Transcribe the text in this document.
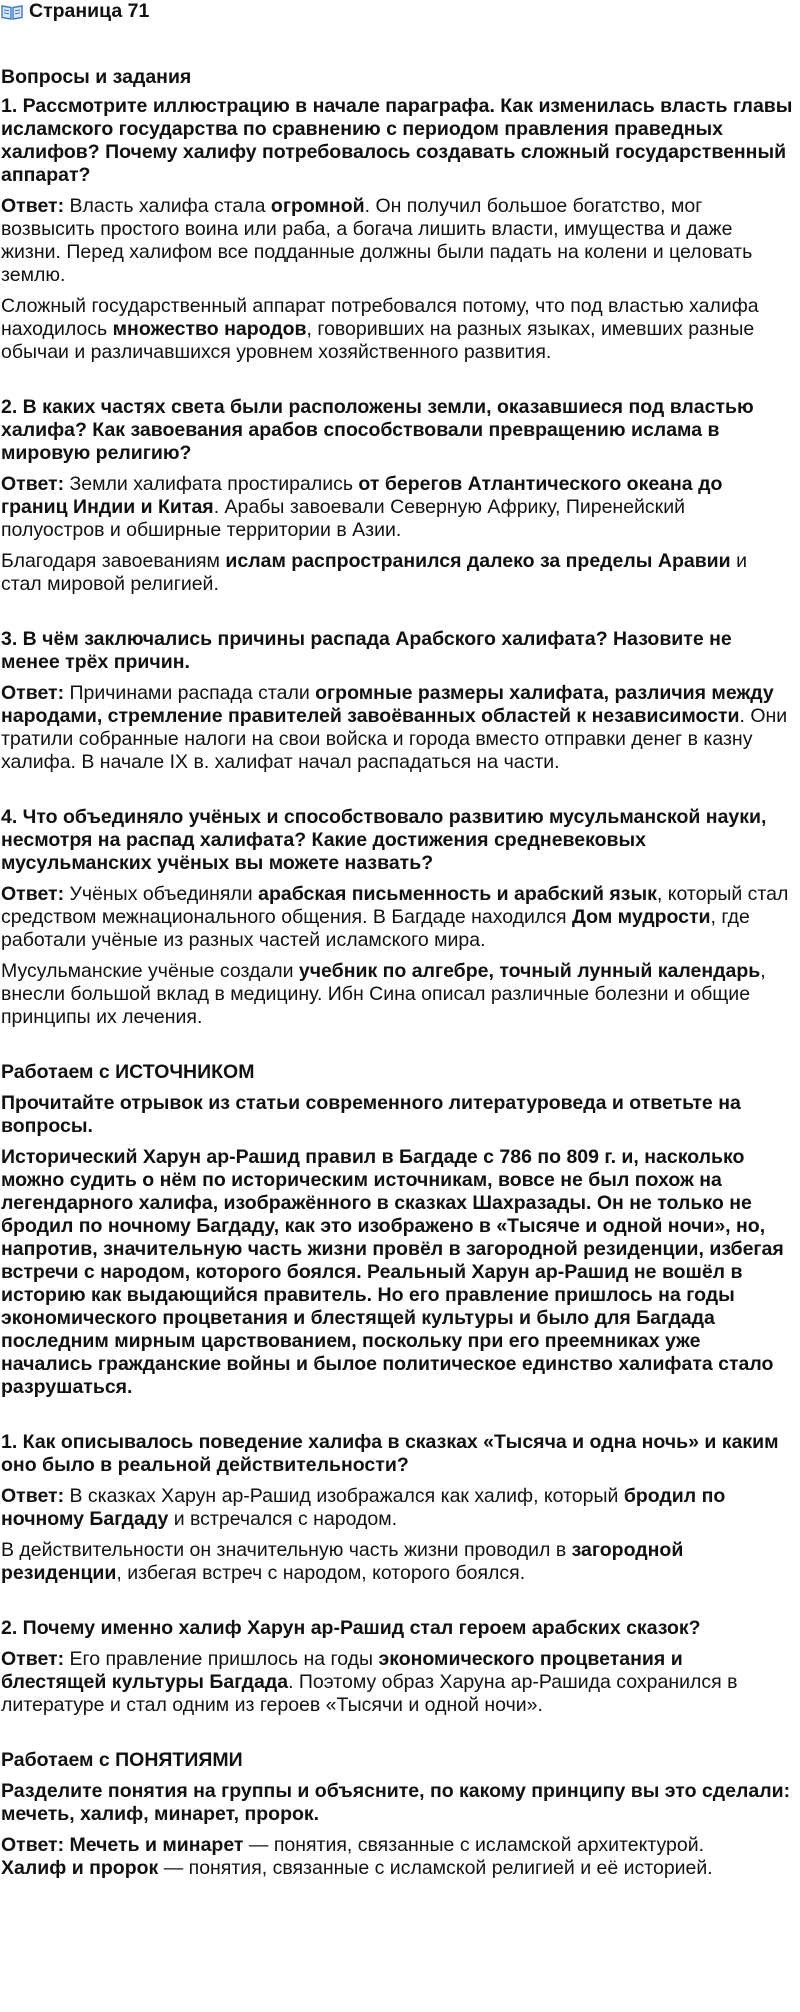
Страница 71

Вопросы и задания

1. Рассмотрите иллюстрацию в начале параграфа. Как изменилась власть главы исламского государства по сравнению с периодом правления праведных халифов? Почему халифу потребовалось создавать сложный государственный аппарат?

Ответ: Власть халифа стала огромной. Он получил большое богатство, мог возвысить простого воина или раба, а богача лишить власти, имущества и даже жизни. Перед халифом все подданные должны были падать на колени и целовать землю.

Сложный государственный аппарат потребовался потому, что под властью халифа находилось множество народов, говоривших на разных языках, имевших разные обычаи и различавшихся уровнем хозяйственного развития.

2. В каких частях света были расположены земли, оказавшиеся под властью халифа? Как завоевания арабов способствовали превращению ислама в мировую религию?

Ответ: Земли халифата простирались от берегов Атлантического океана до границ Индии и Китая. Арабы завоевали Северную Африку, Пиренейский полуостров и обширные территории в Азии.

Благодаря завоеваниям ислам распространился далеко за пределы Аравии и стал мировой религией.

3. В чём заключались причины распада Арабского халифата? Назовите не менее трёх причин.

Ответ: Причинами распада стали огромные размеры халифата, различия между народами, стремление правителей завоёванных областей к независимости. Они тратили собранные налоги на свои войска и города вместо отправки денег в казну халифа. В начале IX в. халифат начал распадаться на части.

4. Что объединяло учёных и способствовало развитию мусульманской науки, несмотря на распад халифата? Какие достижения средневековых мусульманских учёных вы можете назвать?

Ответ: Учёных объединяли арабская письменность и арабский язык, который стал средством межнационального общения. В Багдаде находился Дом мудрости, где работали учёные из разных частей исламского мира.

Мусульманские учёные создали учебник по алгебре, точный лунный календарь, внесли большой вклад в медицину. Ибн Сина описал различные болезни и общие принципы их лечения.

Работаем с ИСТОЧНИКОМ

Прочитайте отрывок из статьи современного литературоведа и ответьте на вопросы.

Исторический Харун ар-Рашид правил в Багдаде с 786 по 809 г. и, насколько можно судить о нём по историческим источникам, вовсе не был похож на легендарного халифа, изображённого в сказках Шахразады. Он не только не бродил по ночному Багдаду, как это изображено в «Тысяче и одной ночи», но, напротив, значительную часть жизни провёл в загородной резиденции, избегая встречи с народом, которого боялся. Реальный Харун ар-Рашид не вошёл в историю как выдающийся правитель. Но его правление пришлось на годы экономического процветания и блестящей культуры и было для Багдада последним мирным царствованием, поскольку при его преемниках уже начались гражданские войны и былое политическое единство халифата стало разрушаться.

1. Как описывалось поведение халифа в сказках «Тысяча и одна ночь» и каким оно было в реальной действительности?

Ответ: В сказках Харун ар-Рашид изображался как халиф, который бродил по ночному Багдаду и встречался с народом.

В действительности он значительную часть жизни проводил в загородной резиденции, избегая встреч с народом, которого боялся.

2. Почему именно халиф Харун ар-Рашид стал героем арабских сказок?

Ответ: Его правление пришлось на годы экономического процветания и блестящей культуры Багдада. Поэтому образ Харуна ар-Рашида сохранился в литературе и стал одним из героев «Тысячи и одной ночи».

Работаем с ПОНЯТИЯМИ

Разделите понятия на группы и объясните, по какому принципу вы это сделали: мечеть, халиф, минарет, пророк.

Ответ: Мечеть и минарет — понятия, связанные с исламской архитектурой.

Халиф и пророк — понятия, связанные с исламской религией и её историей.
